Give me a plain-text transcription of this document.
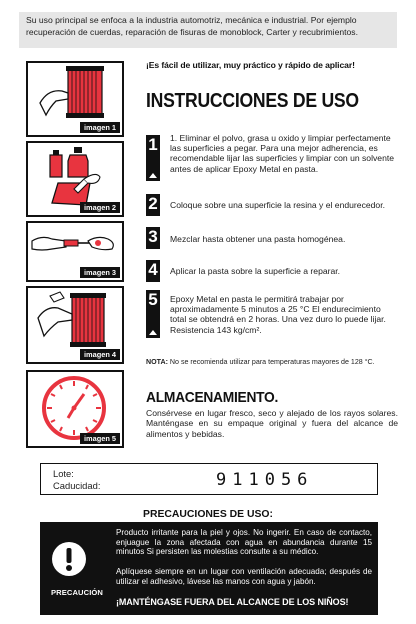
Su uso principal se enfoca a la industria automotriz, mecánica e industrial. Por ejemplo recuperación de cuerdas, reparación de fisuras de monoblock, Carter y recubrimientos.
imagen 1
imagen 2
imagen 3
imagen 4
imagen 5
¡Es fácil de utilizar, muy práctico y rápido de aplicar!
INSTRUCCIONES DE USO
1 1. Eliminar el polvo, grasa u oxido y limpiar perfectamente las superficies a pegar. Para una mejor adherencia, es recomendable lijar las superficies y limpiar con un solvente antes de aplicar Epoxy Metal en pasta.
2 Coloque sobre una superficie la resina y el endurecedor.
3 Mezclar hasta obtener una pasta homogénea.
4 Aplicar la pasta sobre la superficie a reparar.
5 Epoxy Metal en pasta le permitirá trabajar por aproximadamente 5 minutos a 25 °C El endurecimiento total se obtendrá en 2 horas. Una vez duro lo puede lijar. Resistencia 143 kg/cm².
NOTA: No se recomienda utilizar para temperaturas mayores de 128 °C.
ALMACENAMIENTO.
Consérvese en lugar fresco, seco y alejado de los rayos solares. Manténgase en su empaque original y fuera del alcance de alimentos y bebidas.
Lote:
Caducidad:	911056
PRECAUCIONES DE USO:
PRECAUCIÓN
Producto irritante para la piel y ojos. No ingerir. En caso de contacto, enjuague la zona afectada con agua en abundancia durante 15 minutos Si persisten las molestias consulte a su médico.
Aplíquese siempre en un lugar con ventilación adecuada; después de utilizar el adhesivo, lávese las manos con agua y jabón.
¡MANTÉNGASE FUERA DEL ALCANCE DE LOS NIÑOS!
